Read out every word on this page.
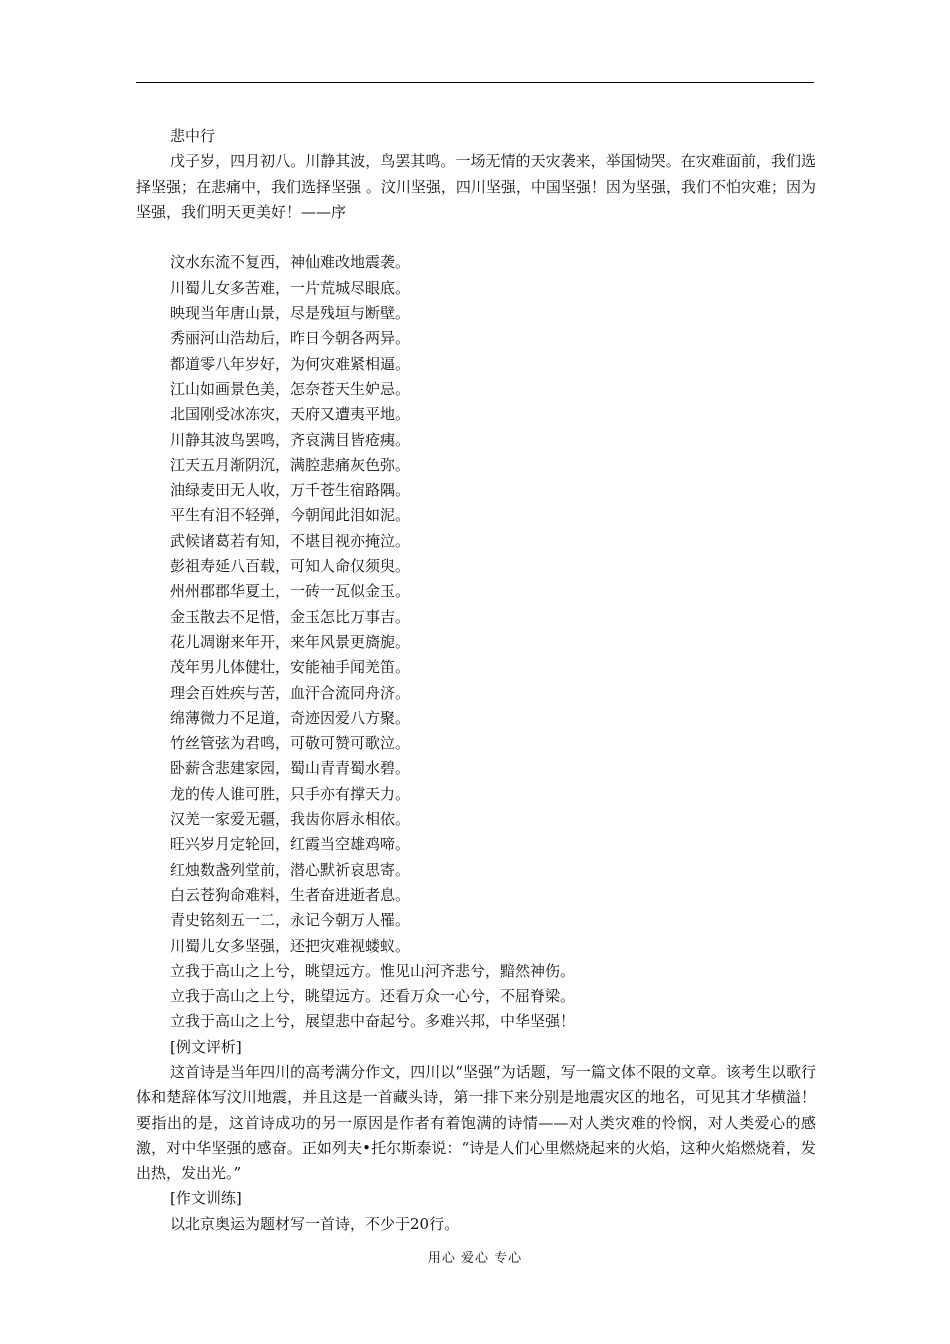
悲中行

戊子岁，四月初八。川静其波，鸟罢其鸣。一场无情的天灾袭来，举国恸哭。在灾难面前，我们选择坚强；在悲痛中，我们选择坚强 。汶川坚强，四川坚强，中国坚强！因为坚强，我们不怕灾难；因为坚强，我们明天更美好！——序

汶水东流不复西，神仙难改地震袭。

川蜀儿女多苦难，一片荒城尽眼底。

映现当年唐山景，尽是残垣与断壁。

秀丽河山浩劫后，昨日今朝各两异。

都道零八年岁好，为何灾难紧相逼。

江山如画景色美，怎奈苍天生妒忌。

北国刚受冰冻灾，天府又遭夷平地。

川静其波鸟罢鸣，齐哀满目皆疮痍。

江天五月渐阴沉，满腔悲痛灰色弥。

油绿麦田无人收，万千苍生宿路隅。

平生有泪不轻弹，今朝闻此泪如泥。

武候诸葛若有知，不堪目视亦掩泣。

彭祖寿延八百载，可知人命仅须臾。

州州郡郡华夏土，一砖一瓦似金玉。

金玉散去不足惜，金玉怎比万事吉。

花儿凋谢来年开，来年风景更旖旎。

茂年男儿体健壮，安能袖手闻羌笛。

理会百姓疾与苦，血汗合流同舟济。

绵薄微力不足道，奇迹因爱八方聚。

竹丝管弦为君鸣，可敬可赞可歌泣。

卧薪含悲建家园，蜀山青青蜀水碧。

龙的传人谁可胜，只手亦有撑天力。

汉羌一家爱无疆，我齿你唇永相依。

旺兴岁月定轮回，红霞当空雄鸡啼。

红烛数盏列堂前，潜心默祈哀思寄。

白云苍狗命难料，生者奋进逝者息。

青史铭刻五一二，永记今朝万人罹。

川蜀儿女多坚强，还把灾难视蝼蚁。

立我于高山之上兮，眺望远方。惟见山河齐悲兮，黯然神伤。

立我于高山之上兮，眺望远方。还看万众一心兮，不屈脊梁。

立我于高山之上兮，展望悲中奋起兮。多难兴邦，中华坚强！

[例文评析]

这首诗是当年四川的高考满分作文，四川以“坚强”为话题，写一篇文体不限的文章。该考生以歌行体和楚辞体写汶川地震，并且这是一首藏头诗，第一排下来分别是地震灾区的地名，可见其才华横溢！要指出的是，这首诗成功的另一原因是作者有着饱满的诗情——对人类灾难的怜悯，对人类爱心的感激，对中华坚强的感奋。正如列夫•托尔斯泰说：“诗是人们心里燃烧起来的火焰，这种火焰燃烧着，发出热，发出光。”

[作文训练]

以北京奥运为题材写一首诗，不少于20行。

用心 爱心 专心
